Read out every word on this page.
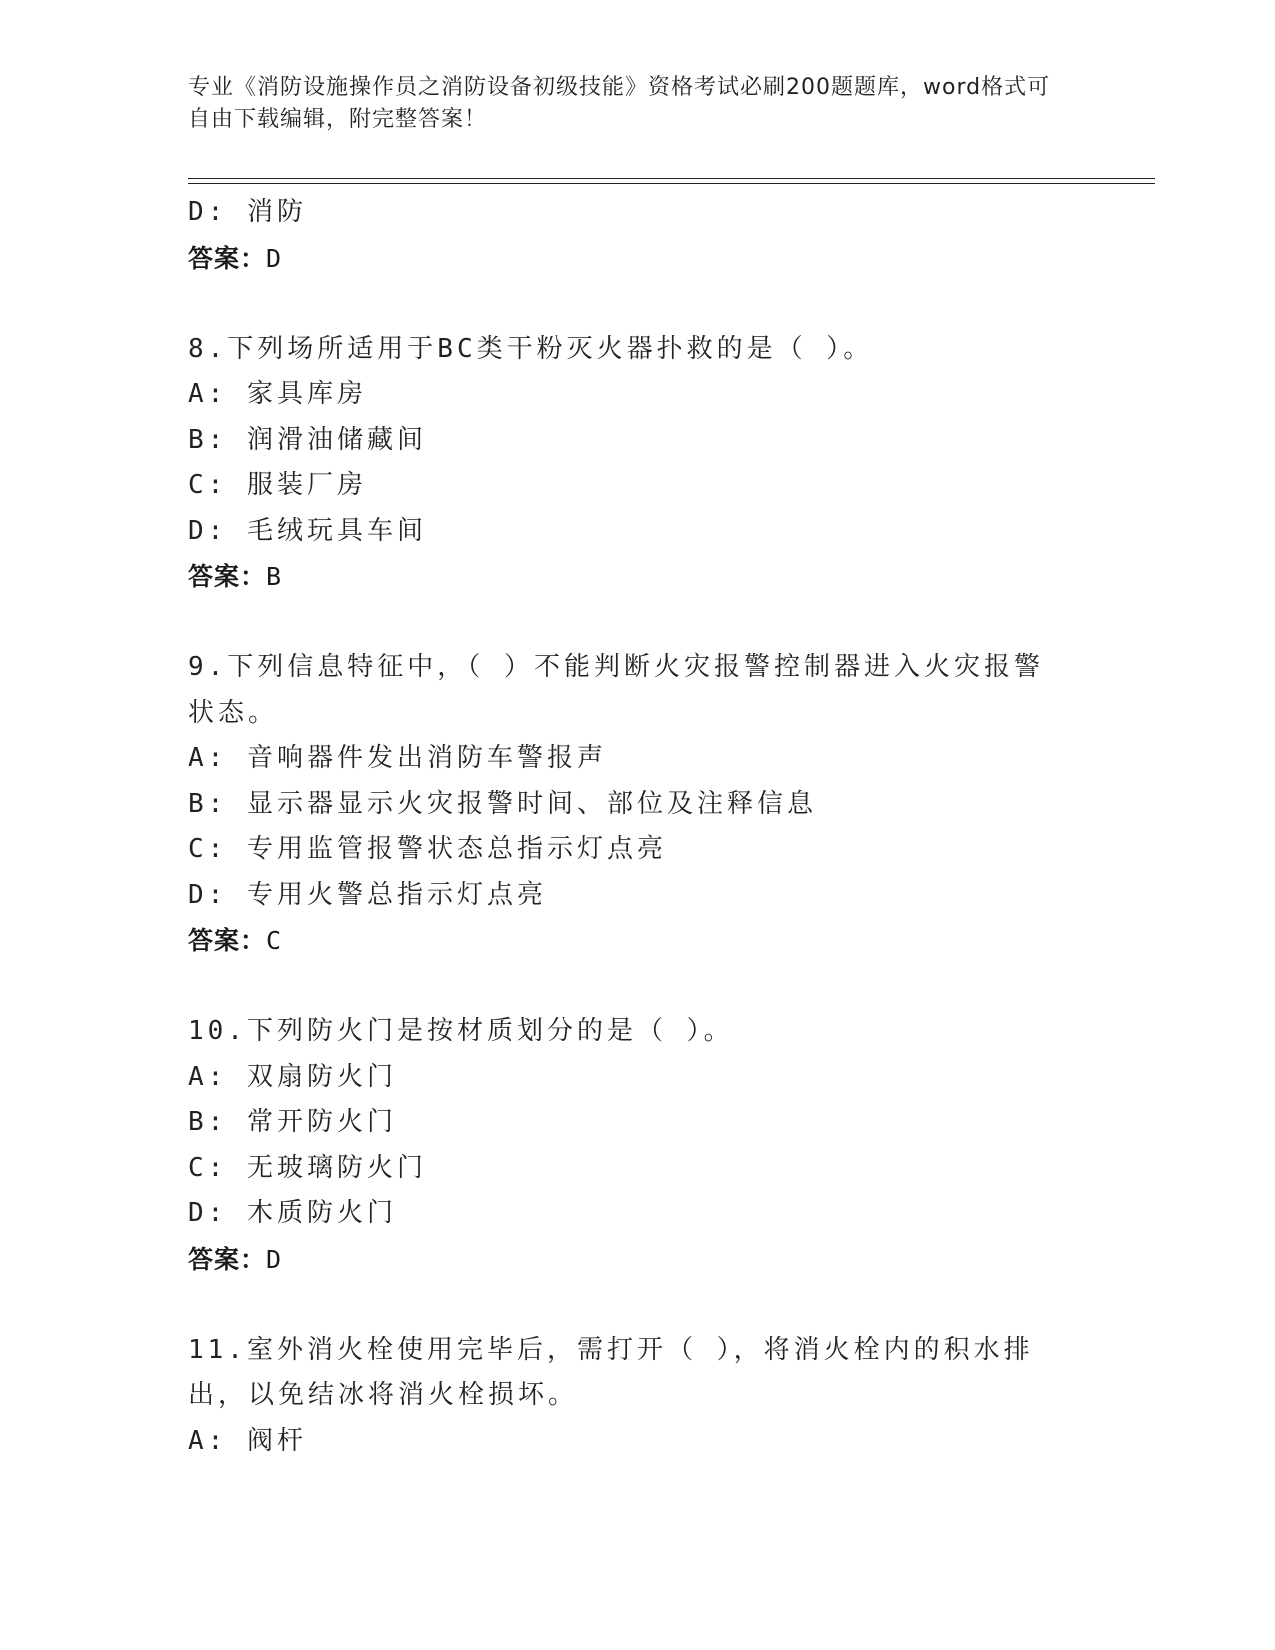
专业《消防设施操作员之消防设备初级技能》资格考试必刷200题题库，word格式可自由下载编辑，附完整答案！
D: 消防
答案：D
8.下列场所适用于BC类干粉灭火器扑救的是（ ）。
A: 家具库房
B: 润滑油储藏间
C: 服装厂房
D: 毛绒玩具车间
答案：B
9.下列信息特征中，（ ）不能判断火灾报警控制器进入火灾报警状态。
A: 音响器件发出消防车警报声
B: 显示器显示火灾报警时间、部位及注释信息
C: 专用监管报警状态总指示灯点亮
D: 专用火警总指示灯点亮
答案：C
10.下列防火门是按材质划分的是（ ）。
A: 双扇防火门
B: 常开防火门
C: 无玻璃防火门
D: 木质防火门
答案：D
11.室外消火栓使用完毕后，需打开（ ），将消火栓内的积水排出，以免结冰将消火栓损坏。
A: 阀杆
